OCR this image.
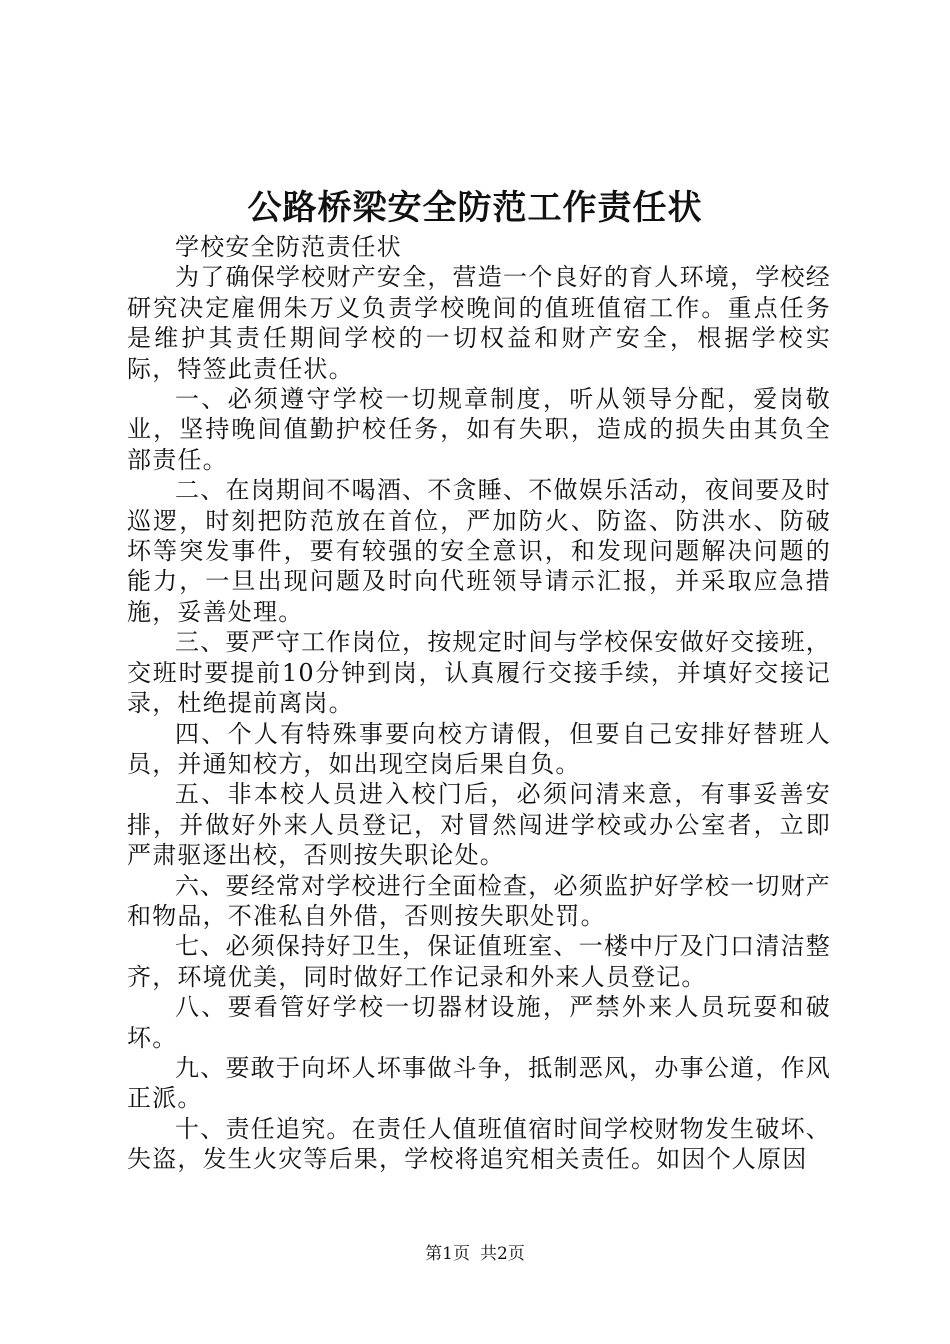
公路桥梁安全防范工作责任状

学校安全防范责任状

为了确保学校财产安全，营造一个良好的育人环境，学校经研究决定雇佣朱万义负责学校晚间的值班值宿工作。重点任务是维护其责任期间学校的一切权益和财产安全，根据学校实际，特签此责任状。

一、必须遵守学校一切规章制度，听从领导分配，爱岗敬业，坚持晚间值勤护校任务，如有失职，造成的损失由其负全部责任。

二、在岗期间不喝酒、不贪睡、不做娱乐活动，夜间要及时巡逻，时刻把防范放在首位，严加防火、防盗、防洪水、防破坏等突发事件，要有较强的安全意识，和发现问题解决问题的能力，一旦出现问题及时向代班领导请示汇报，并采取应急措施，妥善处理。

三、要严守工作岗位，按规定时间与学校保安做好交接班，交班时要提前10分钟到岗，认真履行交接手续，并填好交接记录，杜绝提前离岗。

四、个人有特殊事要向校方请假，但要自己安排好替班人员，并通知校方，如出现空岗后果自负。

五、非本校人员进入校门后，必须问清来意，有事妥善安排，并做好外来人员登记，对冒然闯进学校或办公室者，立即严肃驱逐出校，否则按失职论处。

六、要经常对学校进行全面检查，必须监护好学校一切财产和物品，不准私自外借，否则按失职处罚。

七、必须保持好卫生，保证值班室、一楼中厅及门口清洁整齐，环境优美，同时做好工作记录和外来人员登记。

八、要看管好学校一切器材设施，严禁外来人员玩耍和破坏。

九、要敢于向坏人坏事做斗争，抵制恶风，办事公道，作风正派。

十、责任追究。在责任人值班值宿时间学校财物发生破坏、失盗，发生火灾等后果，学校将追究相关责任。如因个人原因

第1页 共2页
